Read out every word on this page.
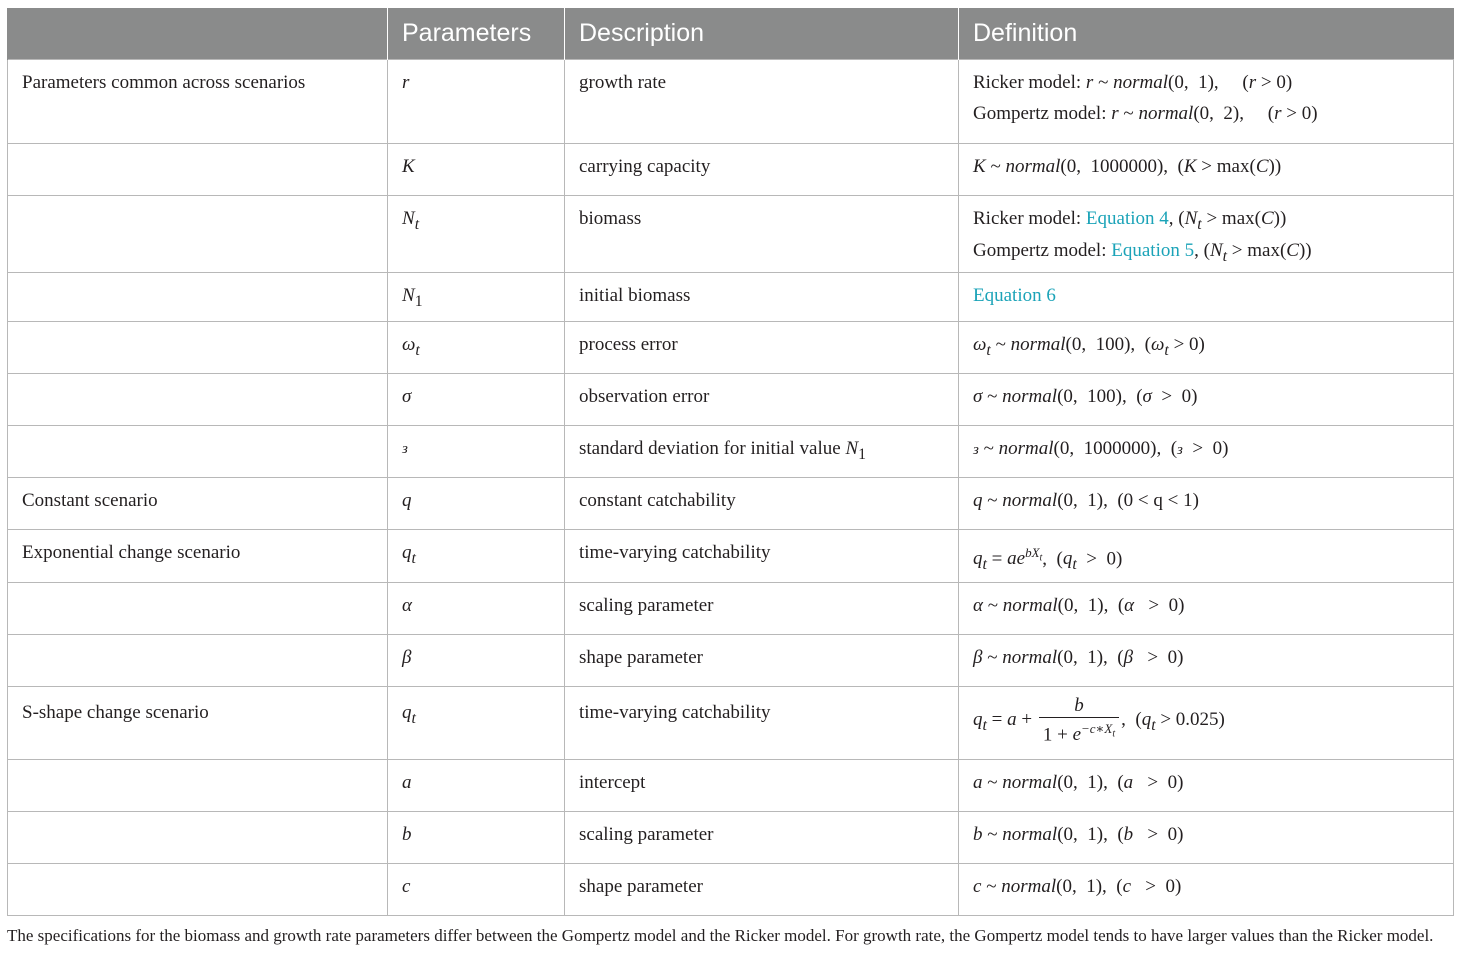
	Parameters	Description	Definition
Parameters common across scenarios	r	growth rate	Ricker model: r ~ normal(0,  1),     (r > 0)
Gompertz model: r ~ normal(0,  2),     (r > 0)

	K	carrying capacity	K ~ normal(0,  1000000),  (K > max(C))
	$N_t$	biomass	Ricker model: Equation 4, $(N_t > \max(C))$
Gompertz model: Equation 5, $(N_t > \max(C))$

	$N_1$	initial biomass	Equation 6
	$\omega_t$	process error	$\omega_t$ ~ normal(0,  100),  $(\omega_t > 0)$
	σ	observation error	σ ~ normal(0,  100),  (σ  >  0)
	з	standard deviation for initial value $N_1$	з ~ normal(0,  1000000),  (з  >  0)
Constant scenario	q	constant catchability	q ~ normal(0,  1),  (0 < q < 1)
Exponential change scenario	$q_t$	time-varying catchability	$q_t = ae^{bX_t}$,  $(q_t > 0)$
	α	scaling parameter	α ~ normal(0,  1),  (α   >  0)
	β	shape parameter	β ~ normal(0,  1),  (β   >  0)
S-shape change scenario	$q_t$	time-varying catchability	$q_t = a + \frac{b}{1 + e^{-c∗X_t}}$ ,  $(q_t > 0.025)$
	a	intercept	a ~ normal(0,  1),  (a   >  0)
	b	scaling parameter	b ~ normal(0,  1),  (b   >  0)
	c	shape parameter	c ~ normal(0,  1),  (c   >  0)
The specifications for the biomass and growth rate parameters differ between the Gompertz model and the Ricker model. For growth rate, the Gompertz model tends to have larger values than the Ricker model.
